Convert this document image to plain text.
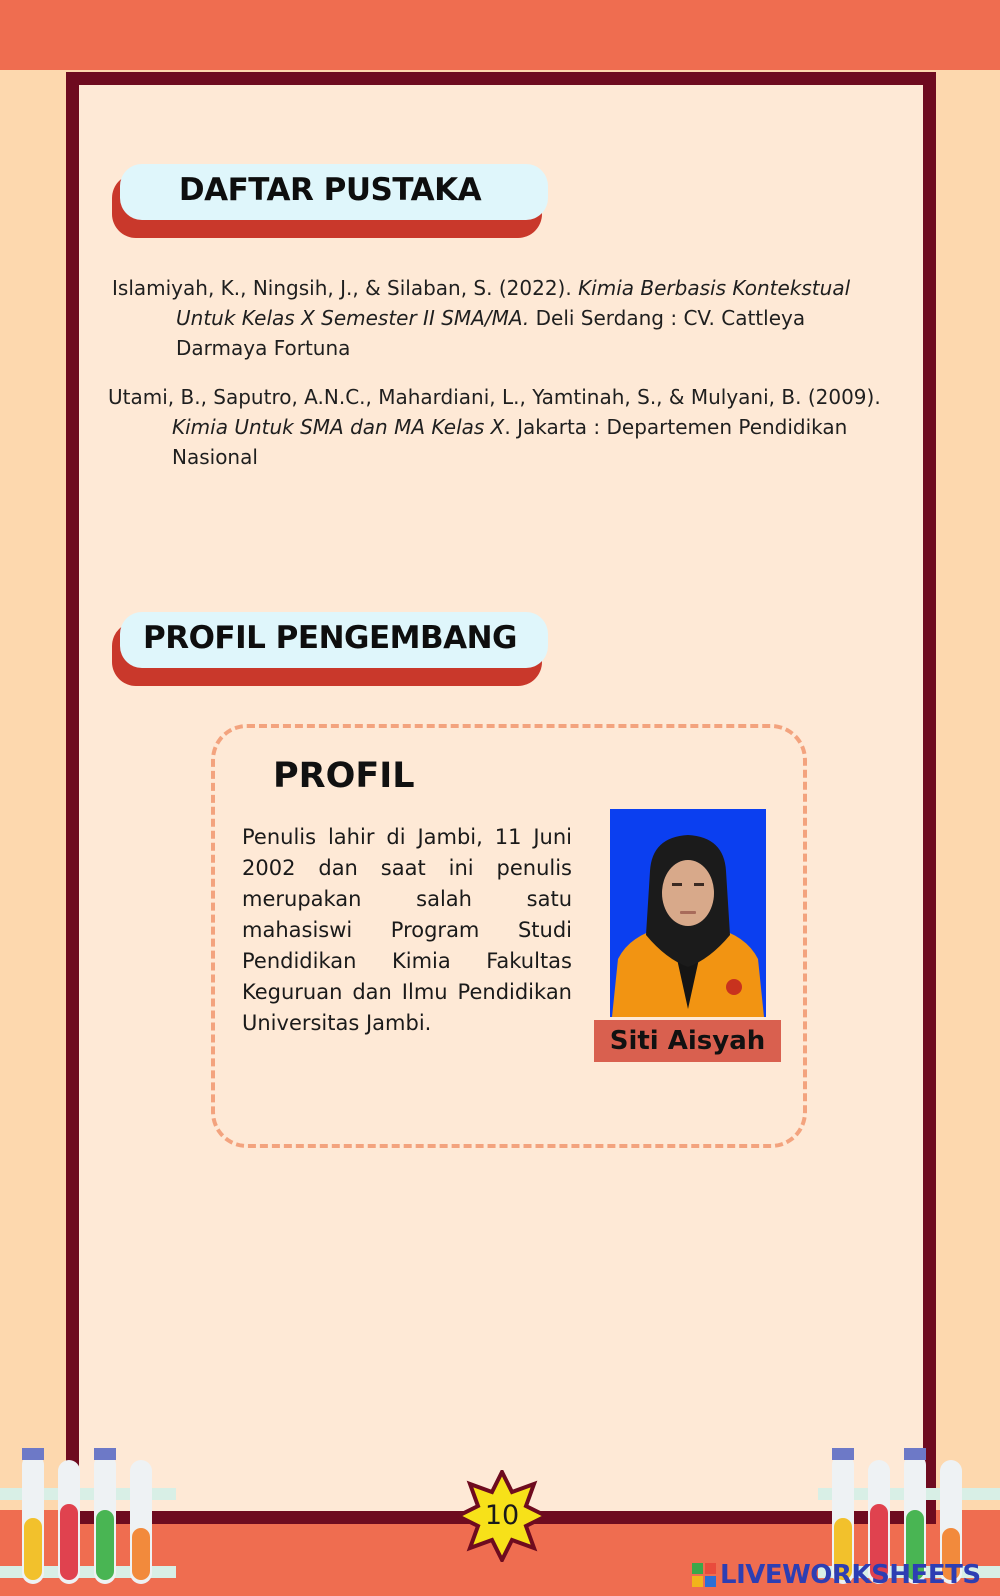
DAFTAR PUSTAKA
Islamiyah, K., Ningsih, J., & Silaban, S. (2022). Kimia Berbasis Kontekstual Untuk Kelas X Semester II SMA/MA. Deli Serdang : CV. Cattleya Darmaya Fortuna
Utami, B., Saputro, A.N.C., Mahardiani, L., Yamtinah, S., & Mulyani, B. (2009). Kimia Untuk SMA dan MA Kelas X. Jakarta : Departemen Pendidikan Nasional
PROFIL PENGEMBANG
PROFIL
Penulis lahir di Jambi, 11 Juni 2002 dan saat ini penulis merupakan salah satu mahasiswi Program Studi Pendidikan Kimia Fakultas Keguruan dan Ilmu Pendidikan Universitas Jambi.
Siti Aisyah
10
LIVEWORKSHEETS
